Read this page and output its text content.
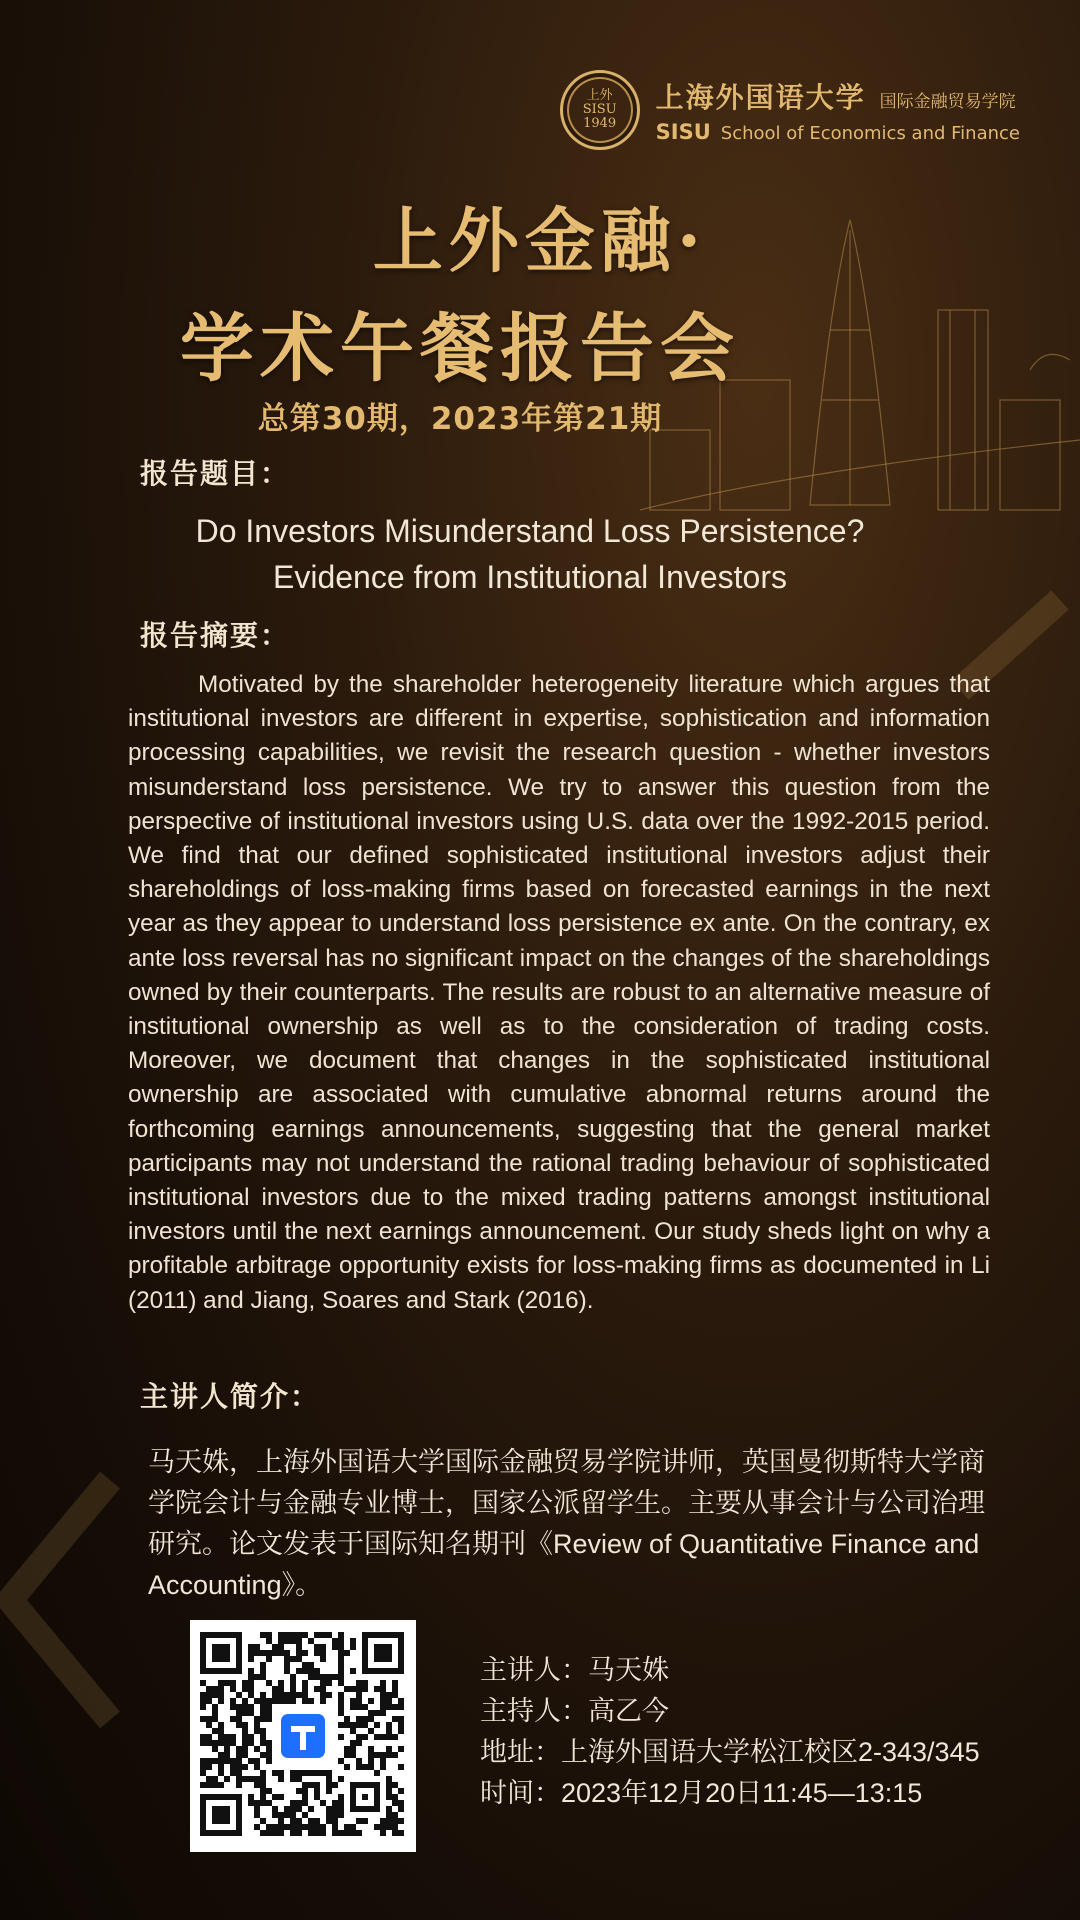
上外
SISU
1949
上海外国语大学 国际金融贸易学院
SISU School of Economics and Finance
上外金融·
学术午餐报告会
总第30期，2023年第21期
报告题目：
Do Investors Misunderstand Loss Persistence?
Evidence from Institutional Investors
报告摘要：
Motivated by the shareholder heterogeneity literature which argues that institutional investors are different in expertise, sophistication and information processing capabilities, we revisit the research question - whether investors misunderstand loss persistence. We try to answer this question from the perspective of institutional investors using U.S. data over the 1992-2015 period. We find that our defined sophisticated institutional investors adjust their shareholdings of loss-making firms based on forecasted earnings in the next year as they appear to understand loss persistence ex ante. On the contrary, ex ante loss reversal has no significant impact on the changes of the shareholdings owned by their counterparts. The results are robust to an alternative measure of institutional ownership as well as to the consideration of trading costs. Moreover, we document that changes in the sophisticated institutional ownership are associated with cumulative abnormal returns around the forthcoming earnings announcements, suggesting that the general market participants may not understand the rational trading behaviour of sophisticated institutional investors due to the mixed trading patterns amongst institutional investors until the next earnings announcement. Our study sheds light on why a profitable arbitrage opportunity exists for loss-making firms as documented in Li (2011) and Jiang, Soares and Stark (2016).
主讲人简介：
马天姝，上海外国语大学国际金融贸易学院讲师，英国曼彻斯特大学商学院会计与金融专业博士，国家公派留学生。主要从事会计与公司治理研究。论文发表于国际知名期刊《Review of Quantitative Finance and Accounting》。
主讲人：马天姝
主持人：高乙今
地址：上海外国语大学松江校区2-343/345
时间：2023年12月20日11:45—13:15
